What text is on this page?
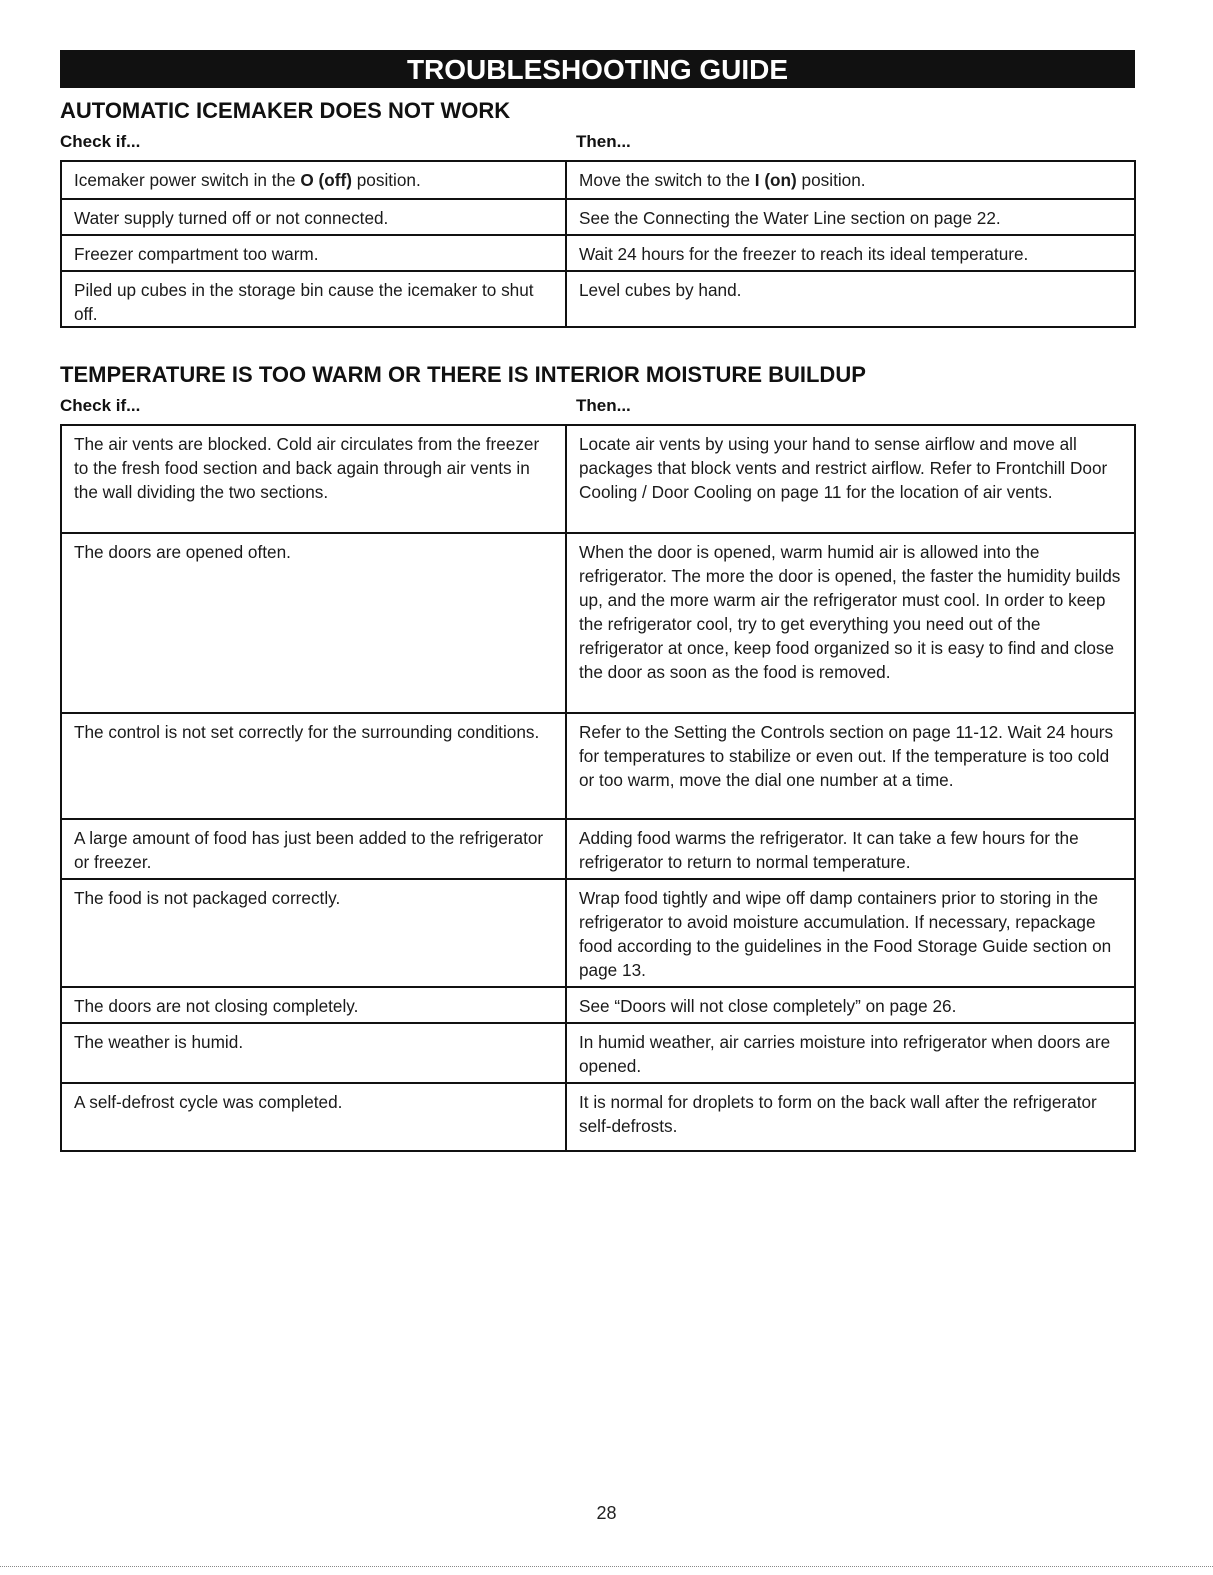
TROUBLESHOOTING GUIDE
AUTOMATIC ICEMAKER DOES NOT WORK
Check if...	Then...
Icemaker power switch in the O (off) position.	Move the switch to the I (on) position.
Water supply turned off or not connected.	See the Connecting the Water Line section on page 22.
Freezer compartment too warm.	Wait 24 hours for the freezer to reach its ideal temperature.
Piled up cubes in the storage bin cause the icemaker to shut off.	Level cubes by hand.
TEMPERATURE IS TOO WARM OR THERE IS INTERIOR MOISTURE BUILDUP
Check if...	Then...
The air vents are blocked. Cold air circulates from the freezer to the fresh food section and back again through air vents in the wall dividing the two sections.	Locate air vents by using your hand to sense airflow and move all packages that block vents and restrict airflow. Refer to Frontchill Door Cooling / Door Cooling on page 11 for the location of air vents.
The doors are opened often.	When the door is opened, warm humid air is allowed into the refrigerator. The more the door is opened, the faster the humidity builds up, and the more warm air the refrigerator must cool. In order to keep the refrigerator cool, try to get everything you need out of the refrigerator at once, keep food organized so it is easy to find and close the door as soon as the food is removed.
The control is not set correctly for the surrounding conditions.	Refer to the Setting the Controls section on page 11-12. Wait 24 hours for temperatures to stabilize or even out. If the temperature is too cold or too warm, move the dial one number at a time.
A large amount of food has just been added to the refrigerator or freezer.	Adding food warms the refrigerator. It can take a few hours for the refrigerator to return to normal temperature.
The food is not packaged correctly.	Wrap food tightly and wipe off damp containers prior to storing in the refrigerator to avoid moisture accumulation. If necessary, repackage food according to the guidelines in the Food Storage Guide section on page 13.
The doors are not closing completely.	See “Doors will not close completely” on page 26.
The weather is humid.	In humid weather, air carries moisture into refrigerator when doors are opened.
A self-defrost cycle was completed.	It is normal for droplets to form on the back wall after the refrigerator self-defrosts.
28
